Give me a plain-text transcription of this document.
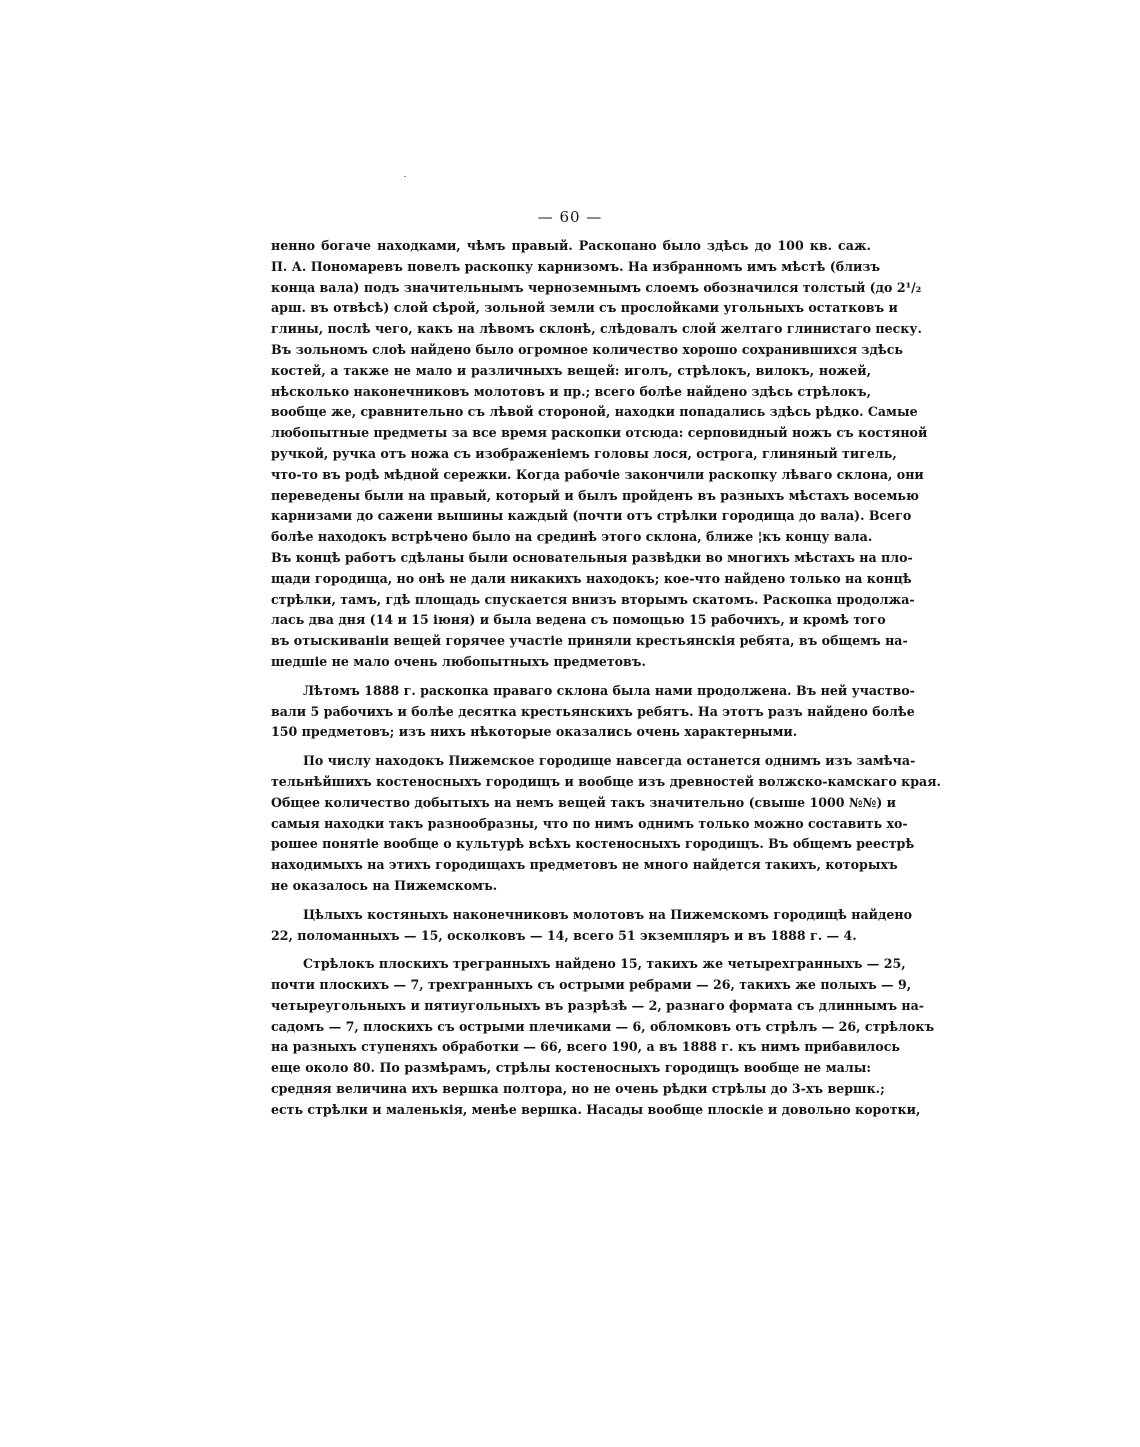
— 60 —
ненно богаче находками, чѣмъ правый. Раскопано было здѣсь до 100 кв. саж.
П. А. Пономаревъ повелъ раскопку карнизомъ. На избранномъ имъ мѣстѣ (близъ
конца вала) подъ значительнымъ черноземнымъ слоемъ обозначился толстый (до 2¹/₂
арш. въ отвѣсѣ) слой сѣрой, зольной земли съ прослойками угольныхъ остатковъ и
глины, послѣ чего, какъ на лѣвомъ склонѣ, слѣдовалъ слой желтаго глинистаго песку.
Въ зольномъ слоѣ найдено было огромное количество хорошо сохранившихся здѣсь
костей, а также не мало и различныхъ вещей: иголъ, стрѣлокъ, вилокъ, ножей,
нѣсколько наконечниковъ молотовъ и пр.; всего болѣе найдено здѣсь стрѣлокъ,
вообще же, сравнительно съ лѣвой стороной, находки попадались здѣсь рѣдко. Самые
любопытные предметы за все время раскопки отсюда: серповидный ножъ съ костяной
ручкой, ручка отъ ножа съ изображеніемъ головы лося, острога, глиняный тигель,
что-то въ родѣ мѣдной сережки. Когда рабочіе закончили раскопку лѣваго склона, они
переведены были на правый, который и былъ пройденъ въ разныхъ мѣстахъ восемью
карнизами до сажени вышины каждый (почти отъ стрѣлки городища до вала). Всего
болѣе находокъ встрѣчено было на срединѣ этого склона, ближе ¦къ концу вала.
Въ концѣ работъ сдѣланы были основательныя развѣдки во многихъ мѣстахъ на пло-
щади городища, но онѣ не дали никакихъ находокъ; кое-что найдено только на концѣ
стрѣлки, тамъ, гдѣ площадь спускается внизъ вторымъ скатомъ. Раскопка продолжа-
лась два дня (14 и 15 іюня) и была ведена съ помощью 15 рабочихъ, и кромѣ того
въ отыскиваніи вещей горячее участіе приняли крестьянскія ребята, въ общемъ на-
шедшіе не мало очень любопытныхъ предметовъ.
Лѣтомъ 1888 г. раскопка праваго склона была нами продолжена. Въ ней участво-
вали 5 рабочихъ и болѣе десятка крестьянскихъ ребятъ. На этотъ разъ найдено болѣе
150 предметовъ; изъ нихъ нѣкоторые оказались очень характерными.
По числу находокъ Пижемское городище навсегда останется однимъ изъ замѣча-
тельнѣйшихъ костеносныхъ городищъ и вообще изъ древностей волжско-камскаго края.
Общее количество добытыхъ на немъ вещей такъ значительно (свыше 1000 №№) и
самыя находки такъ разнообразны, что по нимъ однимъ только можно составить хо-
рошее понятіе вообще о культурѣ всѣхъ костеносныхъ городищъ. Въ общемъ реестрѣ
находимыхъ на этихъ городищахъ предметовъ не много найдется такихъ, которыхъ
не оказалось на Пижемскомъ.
Цѣлыхъ костяныхъ наконечниковъ молотовъ на Пижемскомъ городищѣ найдено
22, поломанныхъ — 15, осколковъ — 14, всего 51 экземпляръ и въ 1888 г. — 4.
Стрѣлокъ плоскихъ трегранныхъ найдено 15, такихъ же четырехгранныхъ — 25,
почти плоскихъ — 7, трехгранныхъ съ острыми ребрами — 26, такихъ же полыхъ — 9,
четыреугольныхъ и пятиугольныхъ въ разрѣзѣ — 2, разнаго формата съ длиннымъ на-
садомъ — 7, плоскихъ съ острыми плечиками — 6, обломковъ отъ стрѣлъ — 26, стрѣлокъ
на разныхъ ступеняхъ обработки — 66, всего 190, а въ 1888 г. къ нимъ прибавилось
еще около 80. По размѣрамъ, стрѣлы костеносныхъ городищъ вообще не малы:
средняя величина ихъ вершка полтора, но не очень рѣдки стрѣлы до 3-хъ вершк.;
есть стрѣлки и маленькія, менѣе вершка. Насады вообще плоскіе и довольно коротки,
